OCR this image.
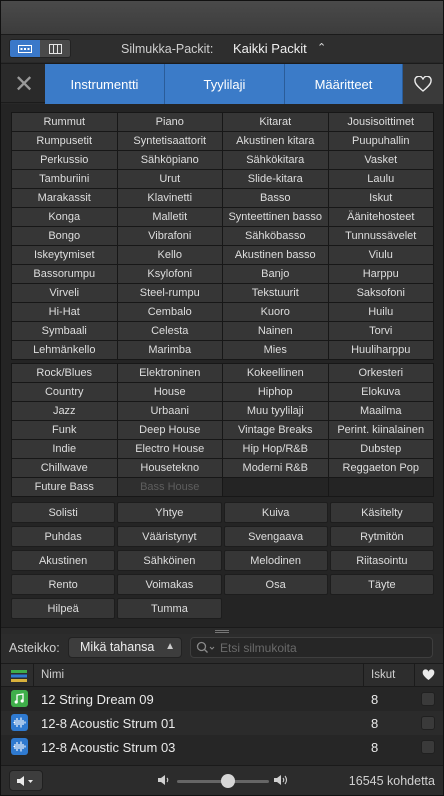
Silmukka-Packit: Kaikki Packit ⌃

✕	Instrumentti	Tyylilaji	Määritteet
Rummut	Piano	Kitarat	Jousisoittimet
Rumpusetit	Syntetisaattorit	Akustinen kitara	Puupuhallin
Perkussio	Sähköpiano	Sähkökitara	Vasket
Tamburiini	Urut	Slide-kitara	Laulu
Marakassit	Klavinetti	Basso	Iskut
Konga	Malletit	Synteettinen basso	Äänitehosteet
Bongo	Vibrafoni	Sähköbasso	Tunnussävelet
Iskeytymiset	Kello	Akustinen basso	Viulu
Bassorumpu	Ksylofoni	Banjo	Harppu
Virveli	Steel-rumpu	Tekstuurit	Saksofoni
Hi-Hat	Cembalo	Kuoro	Huilu
Symbaali	Celesta	Nainen	Torvi
Lehmänkello	Marimba	Mies	Huuliharppu
Rock/Blues	Elektroninen	Kokeellinen	Orkesteri
Country	House	Hiphop	Elokuva
Jazz	Urbaani	Muu tyylilaji	Maailma
Funk	Deep House	Vintage Breaks	Perint. kiinalainen
Indie	Electro House	Hip Hop/R&B	Dubstep
Chillwave	Housetekno	Moderni R&B	Reggaeton Pop
Future Bass	Bass House
Solisti	Yhtye	Kuiva	Käsitelty
Puhdas	Vääristynyt	Svengaava	Rytmitön
Akustinen	Sähköinen	Melodinen	Riitasointu
Rento	Voimakas	Osa	Täyte
Hilpeä	Tumma
Asteikko:	Mikä tahansa ▲	Etsi silmukoita
Nimi	Iskut
12 String Dream 09	8
12-8 Acoustic Strum 01	8
12-8 Acoustic Strum 03	8
16545 kohdetta
